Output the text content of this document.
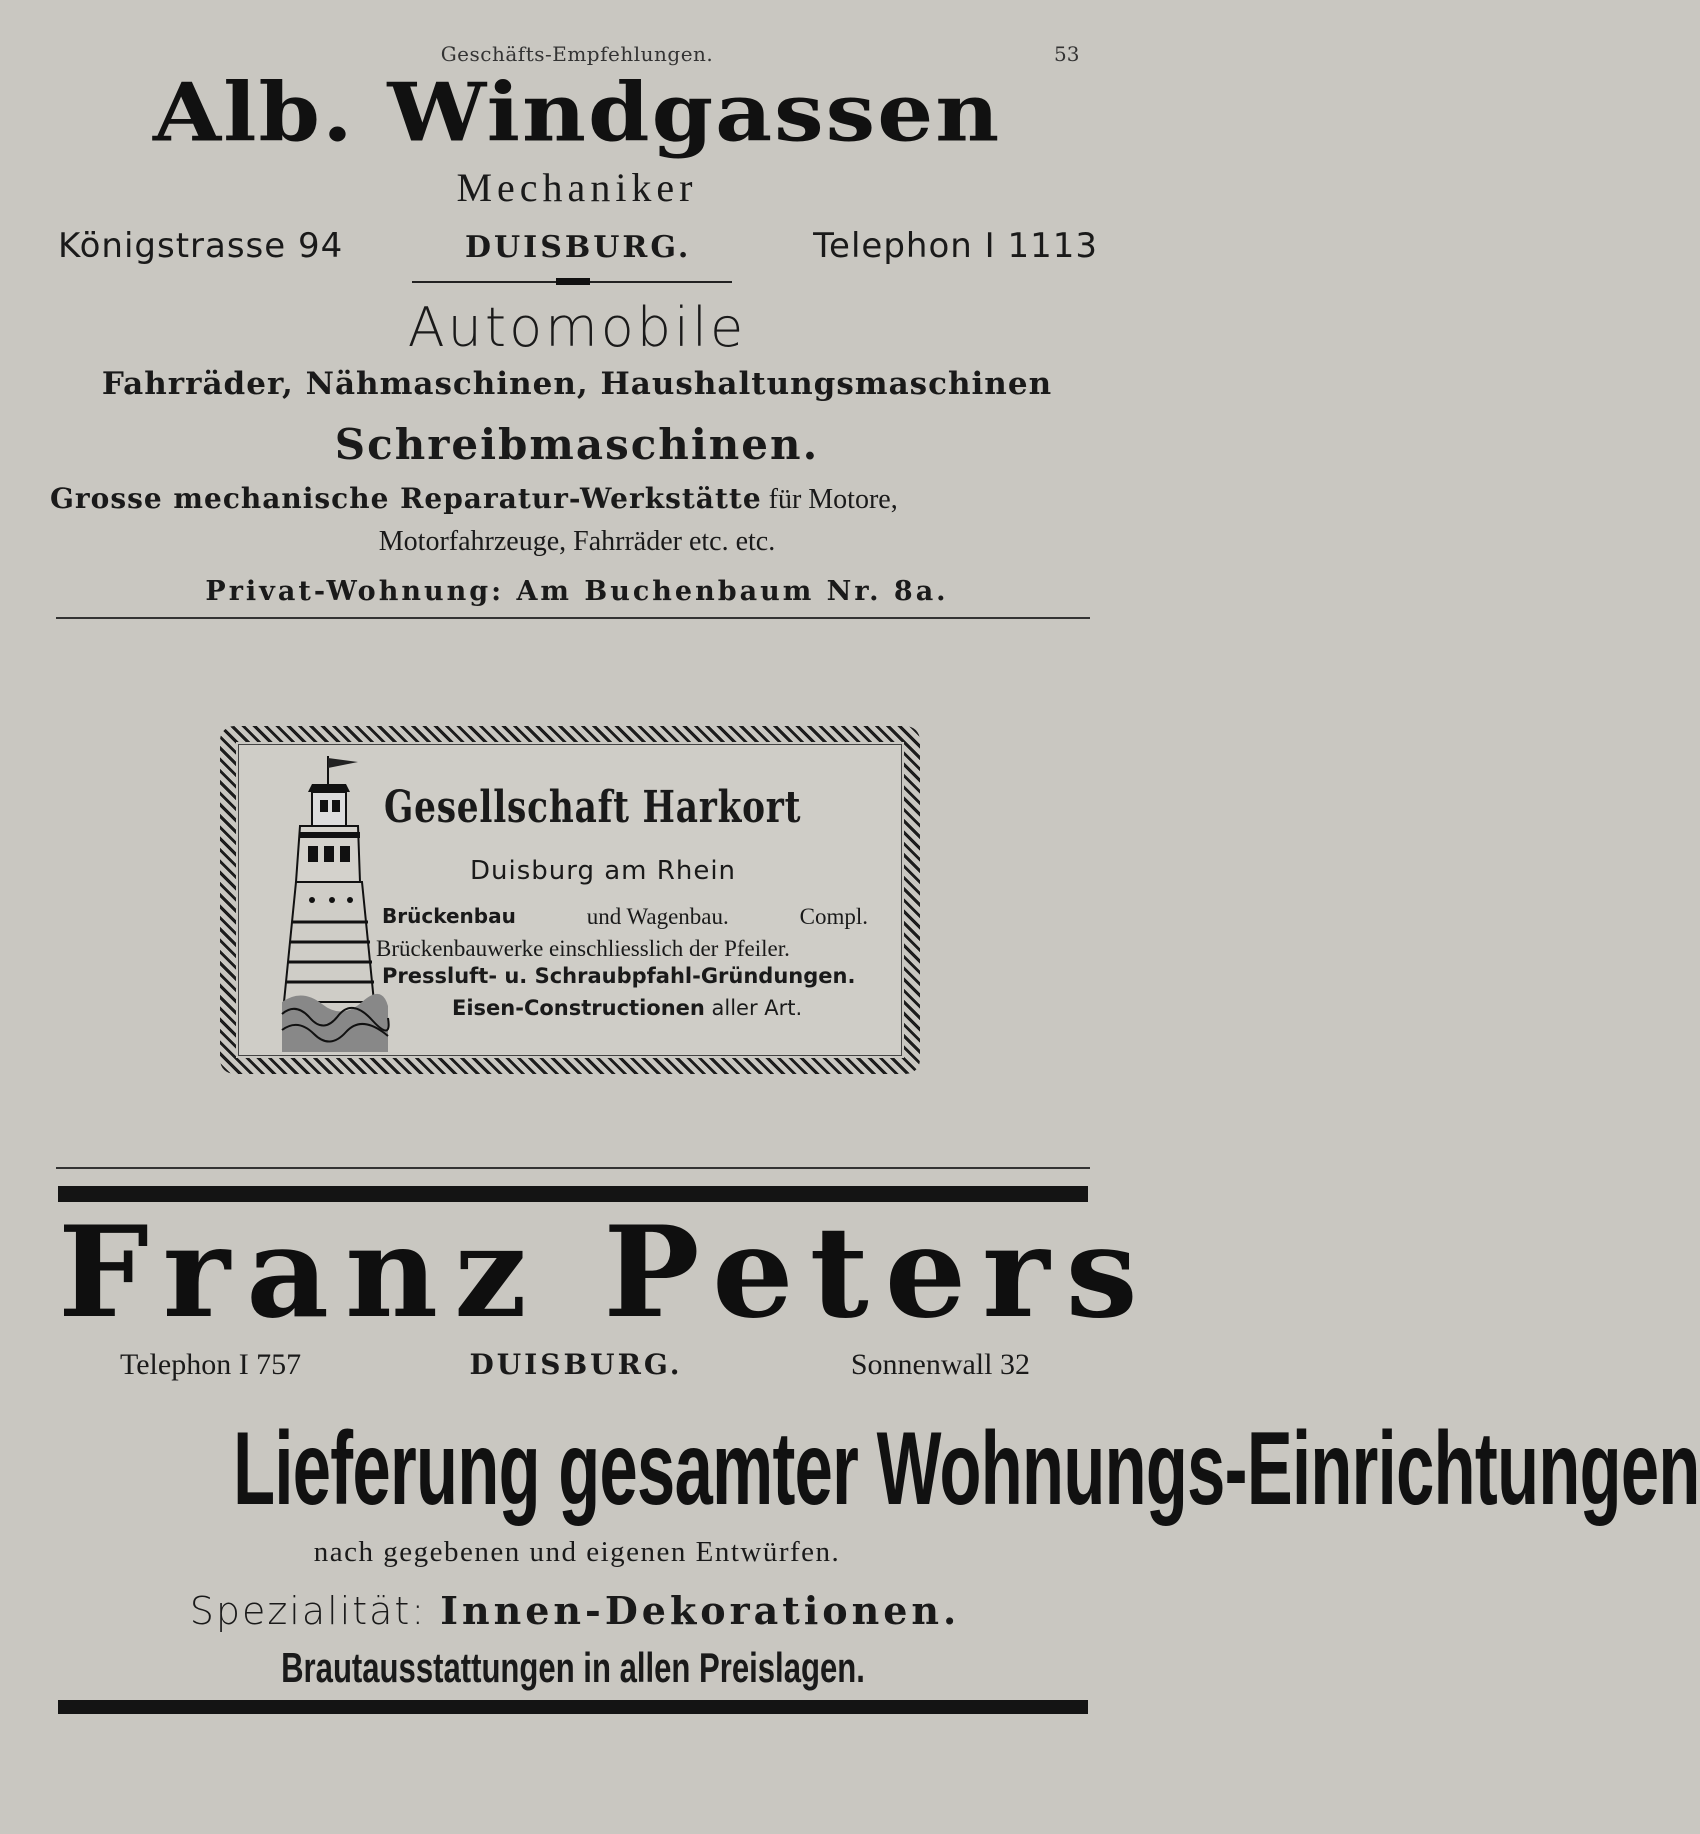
Geschäfts-Empfehlungen.	53
Alb. Windgassen
Mechaniker
Königstrasse 94	DUISBURG.	Telephon I 1113
Automobile
Fahrräder, Nähmaschinen, Haushaltungsmaschinen
Schreibmaschinen.
Grosse mechanische Reparatur-Werkstätte für Motore,
Motorfahrzeuge, Fahrräder etc. etc.
Privat-Wohnung: Am Buchenbaum Nr. 8a.
Gesellschaft Harkort
Duisburg am Rhein
Brückenbau	und Wagenbau.	Compl.
Brückenbauwerke einschliesslich der Pfeiler.
Pressluft- u. Schraubpfahl-Gründungen.
Eisen-Constructionen aller Art.
Franz Peters
Telephon I 757	DUISBURG.	Sonnenwall 32
Lieferung gesamter Wohnungs-Einrichtungen
nach gegebenen und eigenen Entwürfen.
Spezialität: Innen-Dekorationen.
Brautausstattungen in allen Preislagen.
